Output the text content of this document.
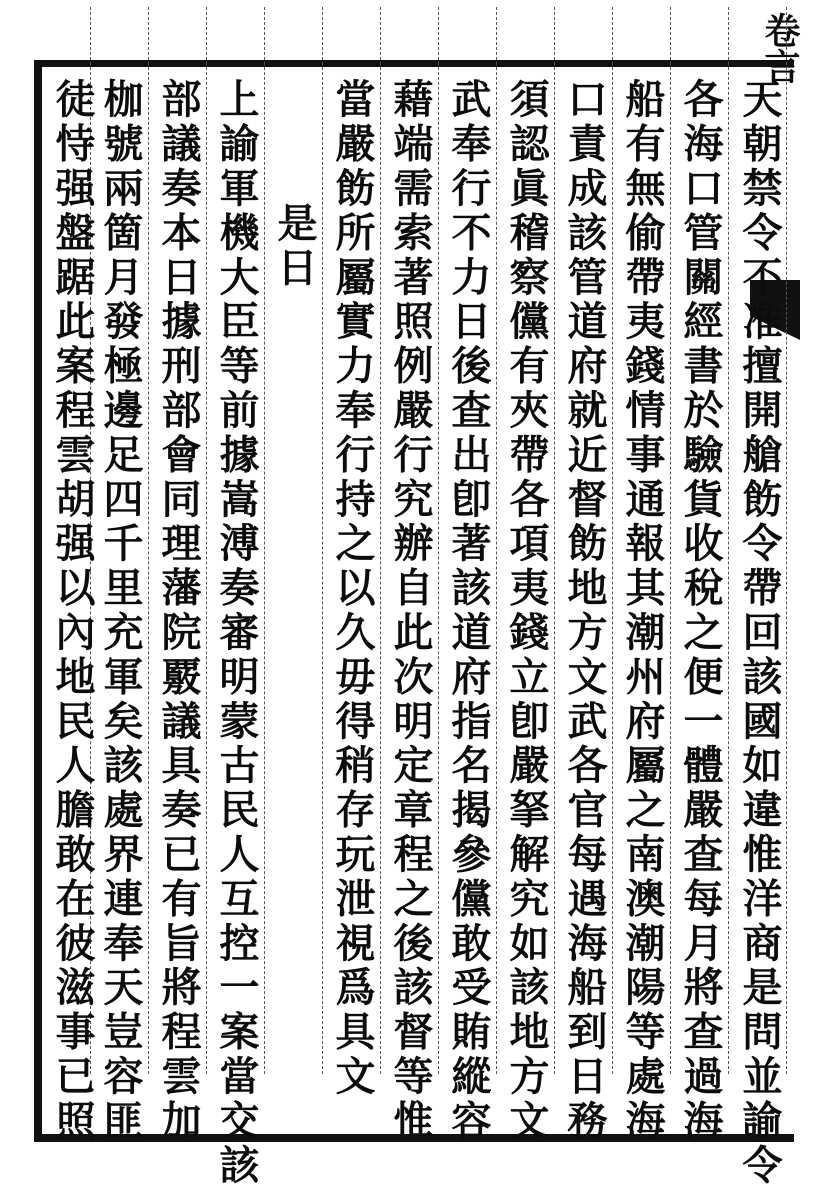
卷言
天朝禁令不准擅開艙飭令帶回該國如違惟洋商是問並諭令
各海口管關經書於驗貨收稅之便一體嚴查每月將查過海
船有無偷帶夷錢情事通報其潮州府屬之南澳潮陽等處海
口責成該管道府就近督飭地方文武各官每遇海船到日務
須認眞稽察儻有夾帶各項夷錢立卽嚴拏解究如該地方文
武奉行不力日後查出卽著該道府指名揭參儻敢受賄縱容
藉端需索著照例嚴行究辦自此次明定章程之後該督等惟
當嚴飭所屬實力奉行持之以久毋得稍存玩泄視爲具文
是日
上諭軍機大臣等前據嵩溥奏審明蒙古民人互控一案當交該
部議奏本日據刑部會同理藩院覈議具奏已有旨將程雲加
枷號兩箇月發極邊足四千里充軍矣該處界連奉天豈容匪
徒恃强盤踞此案程雲胡强以內地民人膽敢在彼滋事已照
